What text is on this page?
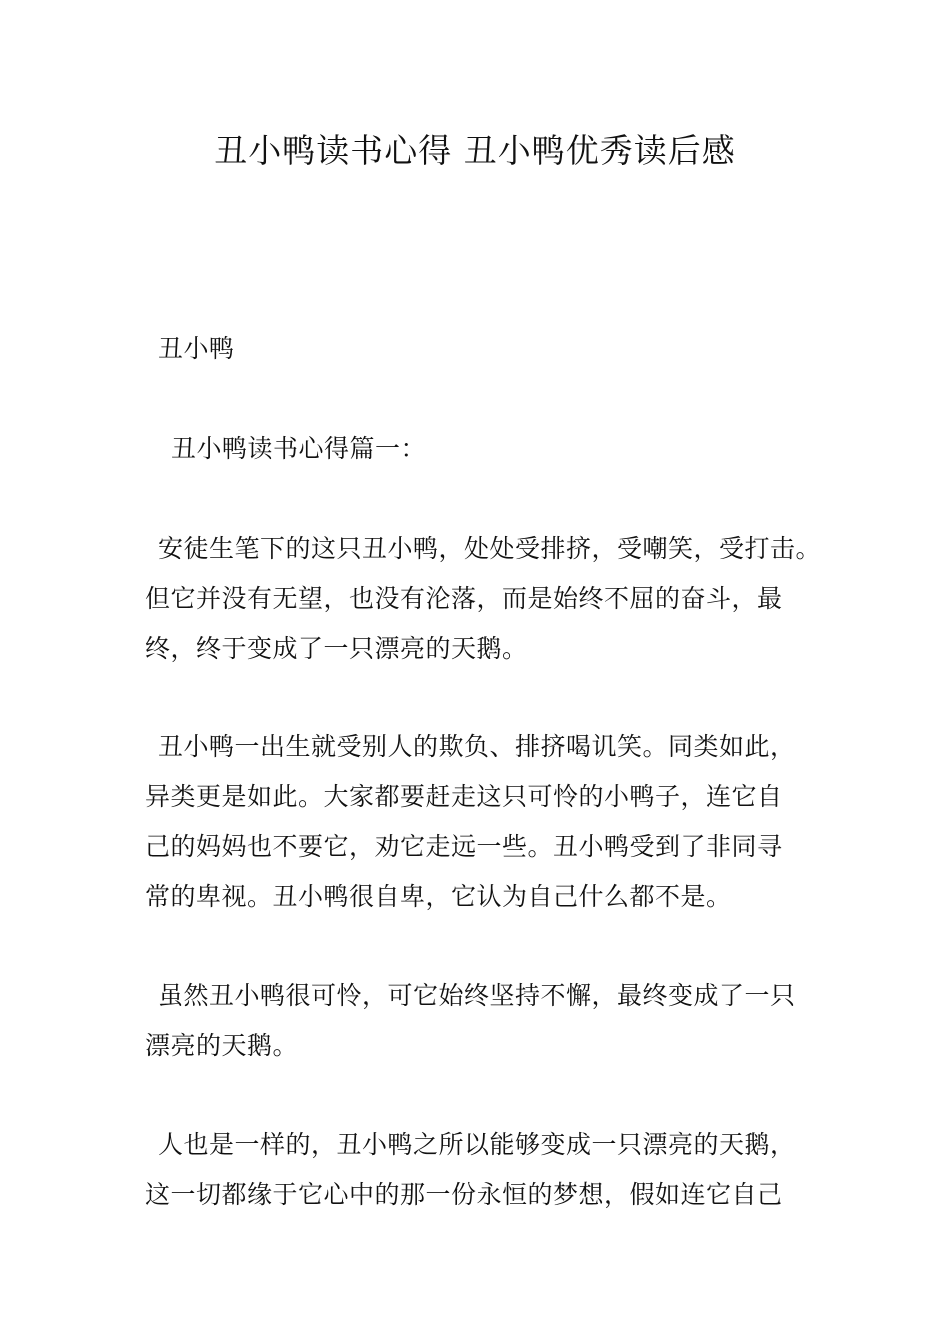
丑小鸭读书心得 丑小鸭优秀读后感
丑小鸭
丑小鸭读书心得篇一：
安徒生笔下的这只丑小鸭，处处受排挤，受嘲笑，受打击。
但它并没有无望，也没有沦落，而是始终不屈的奋斗，最
终，终于变成了一只漂亮的天鹅。
丑小鸭一出生就受别人的欺负、排挤喝讥笑。同类如此，
异类更是如此。大家都要赶走这只可怜的小鸭子，连它自
己的妈妈也不要它，劝它走远一些。丑小鸭受到了非同寻
常的卑视。丑小鸭很自卑，它认为自己什么都不是。
虽然丑小鸭很可怜，可它始终坚持不懈，最终变成了一只
漂亮的天鹅。
人也是一样的，丑小鸭之所以能够变成一只漂亮的天鹅，
这一切都缘于它心中的那一份永恒的梦想，假如连它自己
